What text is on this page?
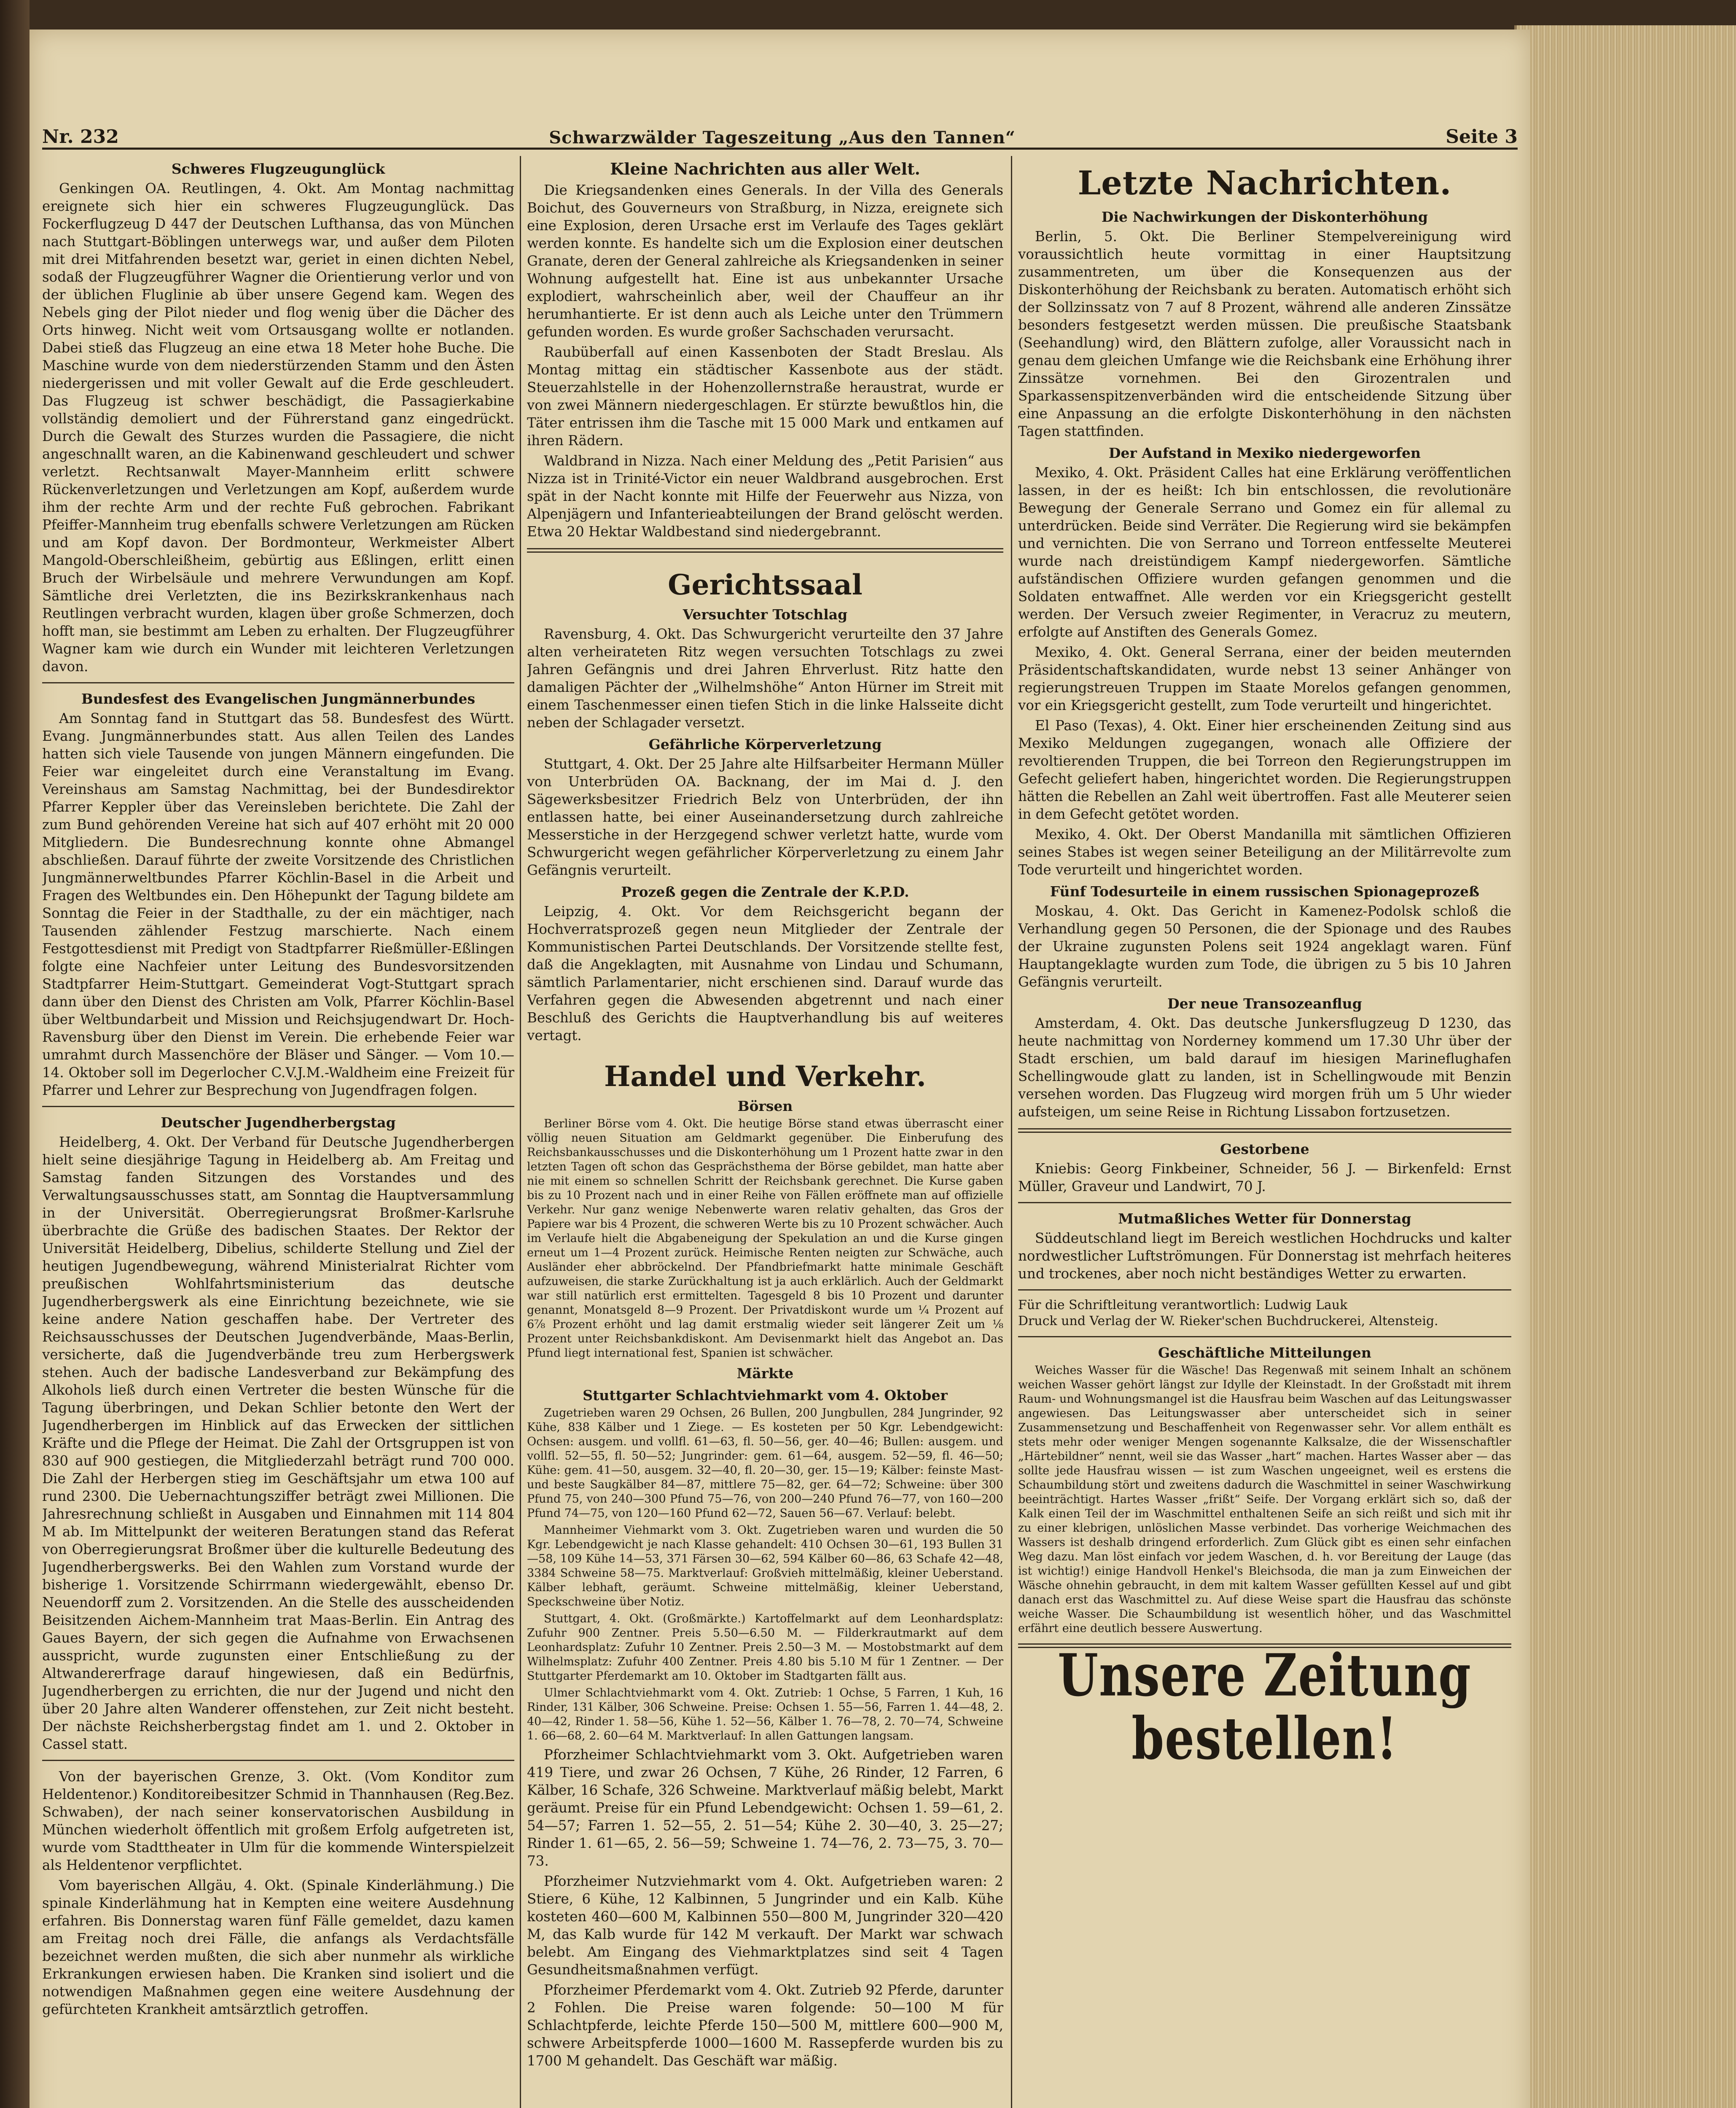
Nr. 232	Schwarzwälder Tageszeitung „Aus den Tannen“	Seite 3
Schweres Flugzeugunglück

Genkingen OA. Reutlingen, 4. Okt. Am Montag nachmittag ereignete sich hier ein schweres Flugzeugunglück. Das Fockerflugzeug D 447 der Deutschen Lufthansa, das von München nach Stuttgart-Böblingen unterwegs war, und außer dem Piloten mit drei Mitfahrenden besetzt war, geriet in einen dichten Nebel, sodaß der Flugzeugführer Wagner die Orientierung verlor und von der üblichen Fluglinie ab über unsere Gegend kam. Wegen des Nebels ging der Pilot nieder und flog wenig über die Dächer des Orts hinweg. Nicht weit vom Ortsausgang wollte er notlanden. Dabei stieß das Flugzeug an eine etwa 18 Meter hohe Buche. Die Maschine wurde von dem niederstürzenden Stamm und den Ästen niedergerissen und mit voller Gewalt auf die Erde geschleudert. Das Flugzeug ist schwer beschädigt, die Passagierkabine vollständig demoliert und der Führerstand ganz eingedrückt. Durch die Gewalt des Sturzes wurden die Passagiere, die nicht angeschnallt waren, an die Kabinenwand geschleudert und schwer verletzt. Rechtsanwalt Mayer-Mannheim erlitt schwere Rückenverletzungen und Verletzungen am Kopf, außerdem wurde ihm der rechte Arm und der rechte Fuß gebrochen. Fabrikant Pfeiffer-Mannheim trug ebenfalls schwere Verletzungen am Rücken und am Kopf davon. Der Bordmonteur, Werkmeister Albert Mangold-Oberschleißheim, gebürtig aus Eßlingen, erlitt einen Bruch der Wirbelsäule und mehrere Verwundungen am Kopf. Sämtliche drei Verletzten, die ins Bezirkskrankenhaus nach Reutlingen verbracht wurden, klagen über große Schmerzen, doch hofft man, sie bestimmt am Leben zu erhalten. Der Flugzeugführer Wagner kam wie durch ein Wunder mit leichteren Verletzungen davon.

Bundesfest des Evangelischen Jungmännerbundes

Am Sonntag fand in Stuttgart das 58. Bundesfest des Württ. Evang. Jungmännerbundes statt. Aus allen Teilen des Landes hatten sich viele Tausende von jungen Männern eingefunden. Die Feier war eingeleitet durch eine Veranstaltung im Evang. Vereinshaus am Samstag Nachmittag, bei der Bundesdirektor Pfarrer Keppler über das Vereinsleben berichtete. Die Zahl der zum Bund gehörenden Vereine hat sich auf 407 erhöht mit 20 000 Mitgliedern. Die Bundesrechnung konnte ohne Abmangel abschließen. Darauf führte der zweite Vorsitzende des Christlichen Jungmännerweltbundes Pfarrer Köchlin-Basel in die Arbeit und Fragen des Weltbundes ein. Den Höhepunkt der Tagung bildete am Sonntag die Feier in der Stadthalle, zu der ein mächtiger, nach Tausenden zählender Festzug marschierte. Nach einem Festgottesdienst mit Predigt von Stadtpfarrer Rießmüller-Eßlingen folgte eine Nachfeier unter Leitung des Bundesvorsitzenden Stadtpfarrer Heim-Stuttgart. Gemeinderat Vogt-Stuttgart sprach dann über den Dienst des Christen am Volk, Pfarrer Köchlin-Basel über Weltbundarbeit und Mission und Reichsjugendwart Dr. Hoch-Ravensburg über den Dienst im Verein. Die erhebende Feier war umrahmt durch Massenchöre der Bläser und Sänger. — Vom 10.—14. Oktober soll im Degerlocher C.V.J.M.-Waldheim eine Freizeit für Pfarrer und Lehrer zur Besprechung von Jugendfragen folgen.

Deutscher Jugendherbergstag

Heidelberg, 4. Okt. Der Verband für Deutsche Jugendherbergen hielt seine diesjährige Tagung in Heidelberg ab. Am Freitag und Samstag fanden Sitzungen des Vorstandes und des Verwaltungsausschusses statt, am Sonntag die Hauptversammlung in der Universität. Oberregierungsrat Broßmer-Karlsruhe überbrachte die Grüße des badischen Staates. Der Rektor der Universität Heidelberg, Dibelius, schilderte Stellung und Ziel der heutigen Jugendbewegung, während Ministerialrat Richter vom preußischen Wohlfahrtsministerium das deutsche Jugendherbergswerk als eine Einrichtung bezeichnete, wie sie keine andere Nation geschaffen habe. Der Vertreter des Reichsausschusses der Deutschen Jugendverbände, Maas-Berlin, versicherte, daß die Jugendverbände treu zum Herbergswerk stehen. Auch der badische Landesverband zur Bekämpfung des Alkohols ließ durch einen Vertreter die besten Wünsche für die Tagung überbringen, und Dekan Schlier betonte den Wert der Jugendherbergen im Hinblick auf das Erwecken der sittlichen Kräfte und die Pflege der Heimat. Die Zahl der Ortsgruppen ist von 830 auf 900 gestiegen, die Mitgliederzahl beträgt rund 700 000. Die Zahl der Herbergen stieg im Geschäftsjahr um etwa 100 auf rund 2300. Die Uebernachtungsziffer beträgt zwei Millionen. Die Jahresrechnung schließt in Ausgaben und Einnahmen mit 114 804 M ab. Im Mittelpunkt der weiteren Beratungen stand das Referat von Oberregierungsrat Broßmer über die kulturelle Bedeutung des Jugendherbergswerks. Bei den Wahlen zum Vorstand wurde der bisherige 1. Vorsitzende Schirrmann wiedergewählt, ebenso Dr. Neuendorff zum 2. Vorsitzenden. An die Stelle des ausscheidenden Beisitzenden Aichem-Mannheim trat Maas-Berlin. Ein Antrag des Gaues Bayern, der sich gegen die Aufnahme von Erwachsenen ausspricht, wurde zugunsten einer Entschließung zu der Altwandererfrage darauf hingewiesen, daß ein Bedürfnis, Jugendherbergen zu errichten, die nur der Jugend und nicht den über 20 Jahre alten Wanderer offenstehen, zur Zeit nicht besteht. Der nächste Reichsherbergstag findet am 1. und 2. Oktober in Cassel statt.

Von der bayerischen Grenze, 3. Okt. (Vom Konditor zum Heldentenor.) Konditoreibesitzer Schmid in Thannhausen (Reg.Bez. Schwaben), der nach seiner konservatorischen Ausbildung in München wiederholt öffentlich mit großem Erfolg aufgetreten ist, wurde vom Stadttheater in Ulm für die kommende Winterspielzeit als Heldentenor verpflichtet.

Vom bayerischen Allgäu, 4. Okt. (Spinale Kinderlähmung.) Die spinale Kinderlähmung hat in Kempten eine weitere Ausdehnung erfahren. Bis Donnerstag waren fünf Fälle gemeldet, dazu kamen am Freitag noch drei Fälle, die anfangs als Verdachtsfälle bezeichnet werden mußten, die sich aber nunmehr als wirkliche Erkrankungen erwiesen haben. Die Kranken sind isoliert und die notwendigen Maßnahmen gegen eine weitere Ausdehnung der gefürchteten Krankheit amtsärztlich getroffen.

Kleine Nachrichten aus aller Welt.

Die Kriegsandenken eines Generals. In der Villa des Generals Boichut, des Gouverneurs von Straßburg, in Nizza, ereignete sich eine Explosion, deren Ursache erst im Verlaufe des Tages geklärt werden konnte. Es handelte sich um die Explosion einer deutschen Granate, deren der General zahlreiche als Kriegsandenken in seiner Wohnung aufgestellt hat. Eine ist aus unbekannter Ursache explodiert, wahrscheinlich aber, weil der Chauffeur an ihr herumhantierte. Er ist denn auch als Leiche unter den Trümmern gefunden worden. Es wurde großer Sachschaden verursacht.

Raubüberfall auf einen Kassenboten der Stadt Breslau. Als Montag mittag ein städtischer Kassenbote aus der städt. Steuerzahlstelle in der Hohenzollernstraße heraustrat, wurde er von zwei Männern niedergeschlagen. Er stürzte bewußtlos hin, die Täter entrissen ihm die Tasche mit 15 000 Mark und entkamen auf ihren Rädern.

Waldbrand in Nizza. Nach einer Meldung des „Petit Parisien“ aus Nizza ist in Trinité-Victor ein neuer Waldbrand ausgebrochen. Erst spät in der Nacht konnte mit Hilfe der Feuerwehr aus Nizza, von Alpenjägern und Infanterieabteilungen der Brand gelöscht werden. Etwa 20 Hektar Waldbestand sind niedergebrannt.

Gerichtssaal
Versuchter Totschlag

Ravensburg, 4. Okt. Das Schwurgericht verurteilte den 37 Jahre alten verheirateten Ritz wegen versuchten Totschlags zu zwei Jahren Gefängnis und drei Jahren Ehrverlust. Ritz hatte den damaligen Pächter der „Wilhelmshöhe“ Anton Hürner im Streit mit einem Taschenmesser einen tiefen Stich in die linke Halsseite dicht neben der Schlagader versetzt.

Gefährliche Körperverletzung

Stuttgart, 4. Okt. Der 25 Jahre alte Hilfsarbeiter Hermann Müller von Unterbrüden OA. Backnang, der im Mai d. J. den Sägewerksbesitzer Friedrich Belz von Unterbrüden, der ihn entlassen hatte, bei einer Auseinandersetzung durch zahlreiche Messerstiche in der Herzgegend schwer verletzt hatte, wurde vom Schwurgericht wegen gefährlicher Körperverletzung zu einem Jahr Gefängnis verurteilt.

Prozeß gegen die Zentrale der K.P.D.

Leipzig, 4. Okt. Vor dem Reichsgericht begann der Hochverratsprozeß gegen neun Mitglieder der Zentrale der Kommunistischen Partei Deutschlands. Der Vorsitzende stellte fest, daß die Angeklagten, mit Ausnahme von Lindau und Schumann, sämtlich Parlamentarier, nicht erschienen sind. Darauf wurde das Verfahren gegen die Abwesenden abgetrennt und nach einer Beschluß des Gerichts die Hauptverhandlung bis auf weiteres vertagt.

Handel und Verkehr.
Börsen

Berliner Börse vom 4. Okt. Die heutige Börse stand etwas überrascht einer völlig neuen Situation am Geldmarkt gegenüber. Die Einberufung des Reichsbankausschusses und die Diskonterhöhung um 1 Prozent hatte zwar in den letzten Tagen oft schon das Gesprächsthema der Börse gebildet, man hatte aber nie mit einem so schnellen Schritt der Reichsbank gerechnet. Die Kurse gaben bis zu 10 Prozent nach und in einer Reihe von Fällen eröffnete man auf offizielle Verkehr. Nur ganz wenige Nebenwerte waren relativ gehalten, das Gros der Papiere war bis 4 Prozent, die schweren Werte bis zu 10 Prozent schwächer. Auch im Verlaufe hielt die Abgabeneigung der Spekulation an und die Kurse gingen erneut um 1—4 Prozent zurück. Heimische Renten neigten zur Schwäche, auch Ausländer eher abbröckelnd. Der Pfandbriefmarkt hatte minimale Geschäft aufzuweisen, die starke Zurückhaltung ist ja auch erklärlich. Auch der Geldmarkt war still natürlich erst ermittelten. Tagesgeld 8 bis 10 Prozent und darunter genannt, Monatsgeld 8—9 Prozent. Der Privatdiskont wurde um ¼ Prozent auf 6⅞ Prozent erhöht und lag damit erstmalig wieder seit längerer Zeit um ⅛ Prozent unter Reichsbankdiskont. Am Devisenmarkt hielt das Angebot an. Das Pfund liegt international fest, Spanien ist schwächer.

Märkte
Stuttgarter Schlachtviehmarkt vom 4. Oktober

Zugetrieben waren 29 Ochsen, 26 Bullen, 200 Jungbullen, 284 Jungrinder, 92 Kühe, 838 Kälber und 1 Ziege. — Es kosteten per 50 Kgr. Lebendgewicht: Ochsen: ausgem. und vollfl. 61—63, fl. 50—56, ger. 40—46; Bullen: ausgem. und vollfl. 52—55, fl. 50—52; Jungrinder: gem. 61—64, ausgem. 52—59, fl. 46—50; Kühe: gem. 41—50, ausgem. 32—40, fl. 20—30, ger. 15—19; Kälber: feinste Mast- und beste Saugkälber 84—87, mittlere 75—82, ger. 64—72; Schweine: über 300 Pfund 75, von 240—300 Pfund 75—76, von 200—240 Pfund 76—77, von 160—200 Pfund 74—75, von 120—160 Pfund 62—72, Sauen 56—67. Verlauf: belebt.

Mannheimer Viehmarkt vom 3. Okt. Zugetrieben waren und wurden die 50 Kgr. Lebendgewicht je nach Klasse gehandelt: 410 Ochsen 30—61, 193 Bullen 31—58, 109 Kühe 14—53, 371 Färsen 30—62, 594 Kälber 60—86, 63 Schafe 42—48, 3384 Schweine 58—75. Marktverlauf: Großvieh mittelmäßig, kleiner Ueberstand. Kälber lebhaft, geräumt. Schweine mittelmäßig, kleiner Ueberstand, Speckschweine über Notiz.

Stuttgart, 4. Okt. (Großmärkte.) Kartoffelmarkt auf dem Leonhardsplatz: Zufuhr 900 Zentner. Preis 5.50—6.50 M. — Filderkrautmarkt auf dem Leonhardsplatz: Zufuhr 10 Zentner. Preis 2.50—3 M. — Mostobstmarkt auf dem Wilhelmsplatz: Zufuhr 400 Zentner. Preis 4.80 bis 5.10 M für 1 Zentner. — Der Stuttgarter Pferdemarkt am 10. Oktober im Stadtgarten fällt aus.

Ulmer Schlachtviehmarkt vom 4. Okt. Zutrieb: 1 Ochse, 5 Farren, 1 Kuh, 16 Rinder, 131 Kälber, 306 Schweine. Preise: Ochsen 1. 55—56, Farren 1. 44—48, 2. 40—42, Rinder 1. 58—56, Kühe 1. 52—56, Kälber 1. 76—78, 2. 70—74, Schweine 1. 66—68, 2. 60—64 M. Marktverlauf: In allen Gattungen langsam.

Pforzheimer Schlachtviehmarkt vom 3. Okt. Aufgetrieben waren 419 Tiere, und zwar 26 Ochsen, 7 Kühe, 26 Rinder, 12 Farren, 6 Kälber, 16 Schafe, 326 Schweine. Marktverlauf mäßig belebt, Markt geräumt. Preise für ein Pfund Lebendgewicht: Ochsen 1. 59—61, 2. 54—57; Farren 1. 52—55, 2. 51—54; Kühe 2. 30—40, 3. 25—27; Rinder 1. 61—65, 2. 56—59; Schweine 1. 74—76, 2. 73—75, 3. 70—73.

Pforzheimer Nutzviehmarkt vom 4. Okt. Aufgetrieben waren: 2 Stiere, 6 Kühe, 12 Kalbinnen, 5 Jungrinder und ein Kalb. Kühe kosteten 460—600 M, Kalbinnen 550—800 M, Jungrinder 320—420 M, das Kalb wurde für 142 M verkauft. Der Markt war schwach belebt. Am Eingang des Viehmarktplatzes sind seit 4 Tagen Gesundheitsmaßnahmen verfügt.

Pforzheimer Pferdemarkt vom 4. Okt. Zutrieb 92 Pferde, darunter 2 Fohlen. Die Preise waren folgende: 50—100 M für Schlachtpferde, leichte Pferde 150—500 M, mittlere 600—900 M, schwere Arbeitspferde 1000—1600 M. Rassepferde wurden bis zu 1700 M gehandelt. Das Geschäft war mäßig.

Letzte Nachrichten.
Die Nachwirkungen der Diskonterhöhung

Berlin, 5. Okt. Die Berliner Stempelvereinigung wird voraussichtlich heute vormittag in einer Hauptsitzung zusammentreten, um über die Konsequenzen aus der Diskonterhöhung der Reichsbank zu beraten. Automatisch erhöht sich der Sollzinssatz von 7 auf 8 Prozent, während alle anderen Zinssätze besonders festgesetzt werden müssen. Die preußische Staatsbank (Seehandlung) wird, den Blättern zufolge, aller Voraussicht nach in genau dem gleichen Umfange wie die Reichsbank eine Erhöhung ihrer Zinssätze vornehmen. Bei den Girozentralen und Sparkassenspitzenverbänden wird die entscheidende Sitzung über eine Anpassung an die erfolgte Diskonterhöhung in den nächsten Tagen stattfinden.

Der Aufstand in Mexiko niedergeworfen

Mexiko, 4. Okt. Präsident Calles hat eine Erklärung veröffentlichen lassen, in der es heißt: Ich bin entschlossen, die revolutionäre Bewegung der Generale Serrano und Gomez ein für allemal zu unterdrücken. Beide sind Verräter. Die Regierung wird sie bekämpfen und vernichten. Die von Serrano und Torreon entfesselte Meuterei wurde nach dreistündigem Kampf niedergeworfen. Sämtliche aufständischen Offiziere wurden gefangen genommen und die Soldaten entwaffnet. Alle werden vor ein Kriegsgericht gestellt werden. Der Versuch zweier Regimenter, in Veracruz zu meutern, erfolgte auf Anstiften des Generals Gomez.

Mexiko, 4. Okt. General Serrana, einer der beiden meuternden Präsidentschaftskandidaten, wurde nebst 13 seiner Anhänger von regierungstreuen Truppen im Staate Morelos gefangen genommen, vor ein Kriegsgericht gestellt, zum Tode verurteilt und hingerichtet.

El Paso (Texas), 4. Okt. Einer hier erscheinenden Zeitung sind aus Mexiko Meldungen zugegangen, wonach alle Offiziere der revoltierenden Truppen, die bei Torreon den Regierungstruppen im Gefecht geliefert haben, hingerichtet worden. Die Regierungstruppen hätten die Rebellen an Zahl weit übertroffen. Fast alle Meuterer seien in dem Gefecht getötet worden.

Mexiko, 4. Okt. Der Oberst Mandanilla mit sämtlichen Offizieren seines Stabes ist wegen seiner Beteiligung an der Militärrevolte zum Tode verurteilt und hingerichtet worden.

Fünf Todesurteile in einem russischen Spionageprozeß

Moskau, 4. Okt. Das Gericht in Kamenez-Podolsk schloß die Verhandlung gegen 50 Personen, die der Spionage und des Raubes der Ukraine zugunsten Polens seit 1924 angeklagt waren. Fünf Hauptangeklagte wurden zum Tode, die übrigen zu 5 bis 10 Jahren Gefängnis verurteilt.

Der neue Transozeanflug

Amsterdam, 4. Okt. Das deutsche Junkersflugzeug D 1230, das heute nachmittag von Norderney kommend um 17.30 Uhr über der Stadt erschien, um bald darauf im hiesigen Marineflughafen Schellingwoude glatt zu landen, ist in Schellingwoude mit Benzin versehen worden. Das Flugzeug wird morgen früh um 5 Uhr wieder aufsteigen, um seine Reise in Richtung Lissabon fortzusetzen.

Gestorbene

Kniebis: Georg Finkbeiner, Schneider, 56 J. — Birkenfeld: Ernst Müller, Graveur und Landwirt, 70 J.

Mutmaßliches Wetter für Donnerstag

Süddeutschland liegt im Bereich westlichen Hochdrucks und kalter nordwestlicher Luftströmungen. Für Donnerstag ist mehrfach heiteres und trockenes, aber noch nicht beständiges Wetter zu erwarten.

Für die Schriftleitung verantwortlich: Ludwig Lauk
Druck und Verlag der W. Rieker'schen Buchdruckerei, Altensteig.
Geschäftliche Mitteilungen

Weiches Wasser für die Wäsche! Das Regenwaß mit seinem Inhalt an schönem weichen Wasser gehört längst zur Idylle der Kleinstadt. In der Großstadt mit ihrem Raum- und Wohnungsmangel ist die Hausfrau beim Waschen auf das Leitungswasser angewiesen. Das Leitungswasser aber unterscheidet sich in seiner Zusammensetzung und Beschaffenheit von Regenwasser sehr. Vor allem enthält es stets mehr oder weniger Mengen sogenannte Kalksalze, die der Wissenschaftler „Härtebildner“ nennt, weil sie das Wasser „hart“ machen. Hartes Wasser aber — das sollte jede Hausfrau wissen — ist zum Waschen ungeeignet, weil es erstens die Schaumbildung stört und zweitens dadurch die Waschmittel in seiner Waschwirkung beeinträchtigt. Hartes Wasser „frißt“ Seife. Der Vorgang erklärt sich so, daß der Kalk einen Teil der im Waschmittel enthaltenen Seife an sich reißt und sich mit ihr zu einer klebrigen, unlöslichen Masse verbindet. Das vorherige Weichmachen des Wassers ist deshalb dringend erforderlich. Zum Glück gibt es einen sehr einfachen Weg dazu. Man löst einfach vor jedem Waschen, d. h. vor Bereitung der Lauge (das ist wichtig!) einige Handvoll Henkel's Bleichsoda, die man ja zum Einweichen der Wäsche ohnehin gebraucht, in dem mit kaltem Wasser gefüllten Kessel auf und gibt danach erst das Waschmittel zu. Auf diese Weise spart die Hausfrau das schönste weiche Wasser. Die Schaumbildung ist wesentlich höher, und das Waschmittel erfährt eine deutlich bessere Auswertung.

Unsere Zeitung bestellen!
